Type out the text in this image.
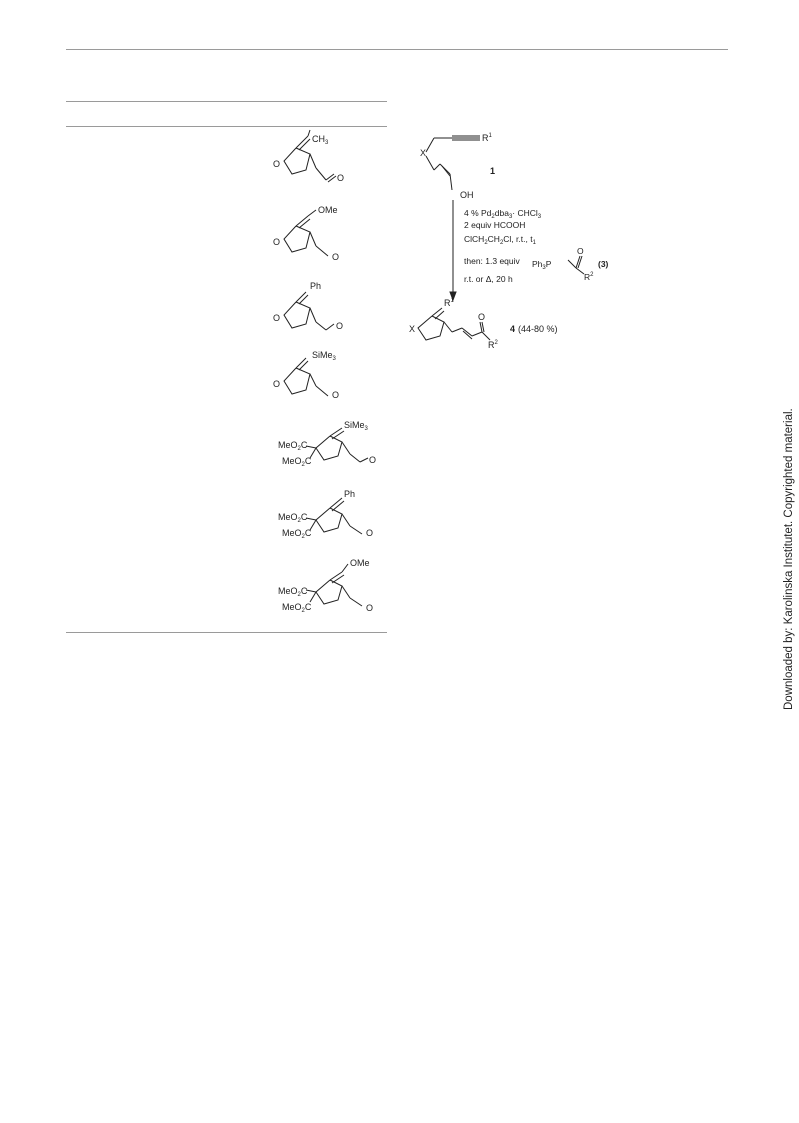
$CH_3$
O
O
OMe
O
O
Ph
O
O
SiMe$_3$
O
O
SiMe$_3$
MeO$_2$C
MeO$_2$C	O
Ph
MeO$_2$C
MeO$_2$C	O
OMe
MeO$_2$C
MeO$_2$C	O
X
$R^1$
OH
1
4 % $Pd_2dba_3\cdot$ CHCl$_3$
2 equiv HCOOH
$ClCH_2CH_2Cl$, r.t., $t_1$
then: 1.3 equiv $Ph_3P$
O
$R^2$
(3)
r.t. or Δ, 20 h
$R^1$
X
O
$R^2$
4 (44-80 %)
Downloaded by: Karolinska Institutet. Copyrighted material.
